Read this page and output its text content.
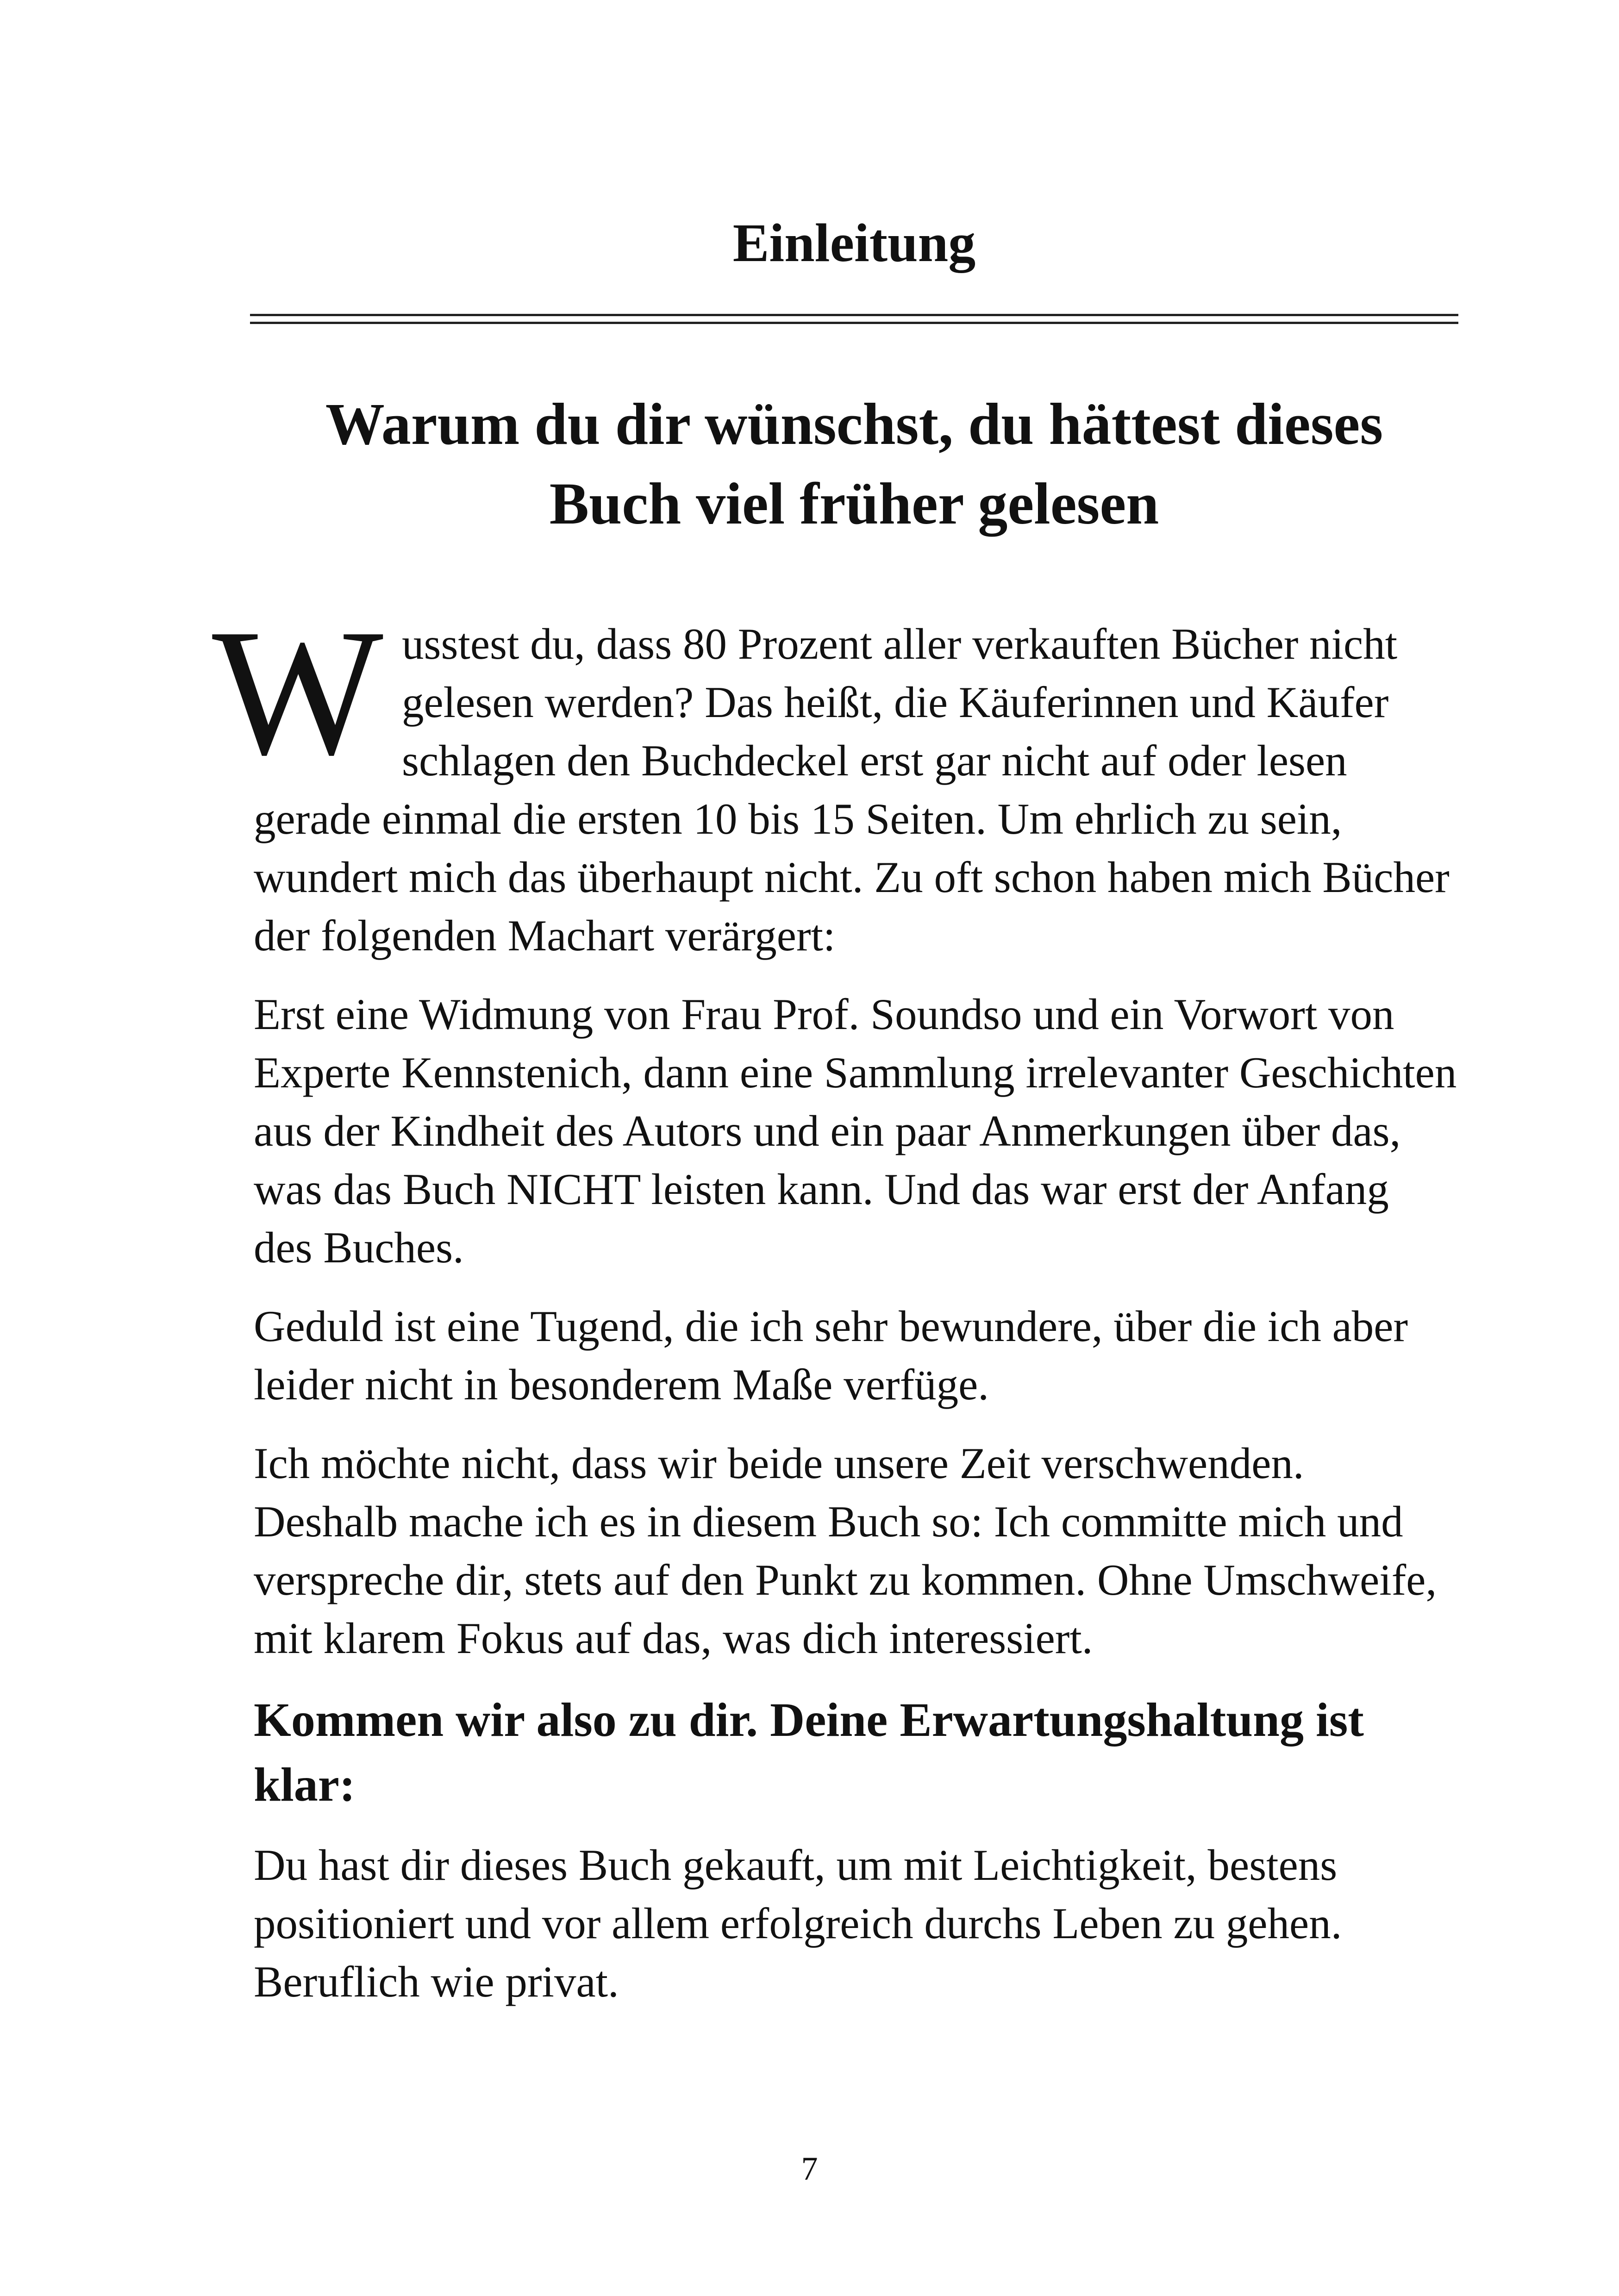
Einleitung
Warum du dir wünschst, du hättest dieses
Buch viel früher gelesen

Wusstest du, dass 80 Prozent aller verkauften Bücher nicht gelesen werden? Das heißt, die Käuferinnen und Käufer schlagen den Buchdeckel erst gar nicht auf oder lesen gerade einmal die ersten 10 bis 15 Seiten. Um ehrlich zu sein, wundert mich das überhaupt nicht. Zu oft schon haben mich Bücher der folgenden Machart verärgert:

Erst eine Widmung von Frau Prof. Soundso und ein Vorwort von Experte Kennstenich, dann eine Sammlung irrelevanter Geschichten aus der Kindheit des Autors und ein paar Anmerkungen über das, was das Buch NICHT leisten kann. Und das war erst der Anfang des Buches.

Geduld ist eine Tugend, die ich sehr bewundere, über die ich aber leider nicht in besonderem Maße verfüge.

Ich möchte nicht, dass wir beide unsere Zeit verschwenden. Deshalb mache ich es in diesem Buch so: Ich committe mich und verspreche dir, stets auf den Punkt zu kommen. Ohne Umschweife, mit klarem Fokus auf das, was dich interessiert.

Kommen wir also zu dir. Deine Erwartungshaltung ist klar:

Du hast dir dieses Buch gekauft, um mit Leichtigkeit, bestens positioniert und vor allem erfolgreich durchs Leben zu gehen. Beruflich wie privat.

7
